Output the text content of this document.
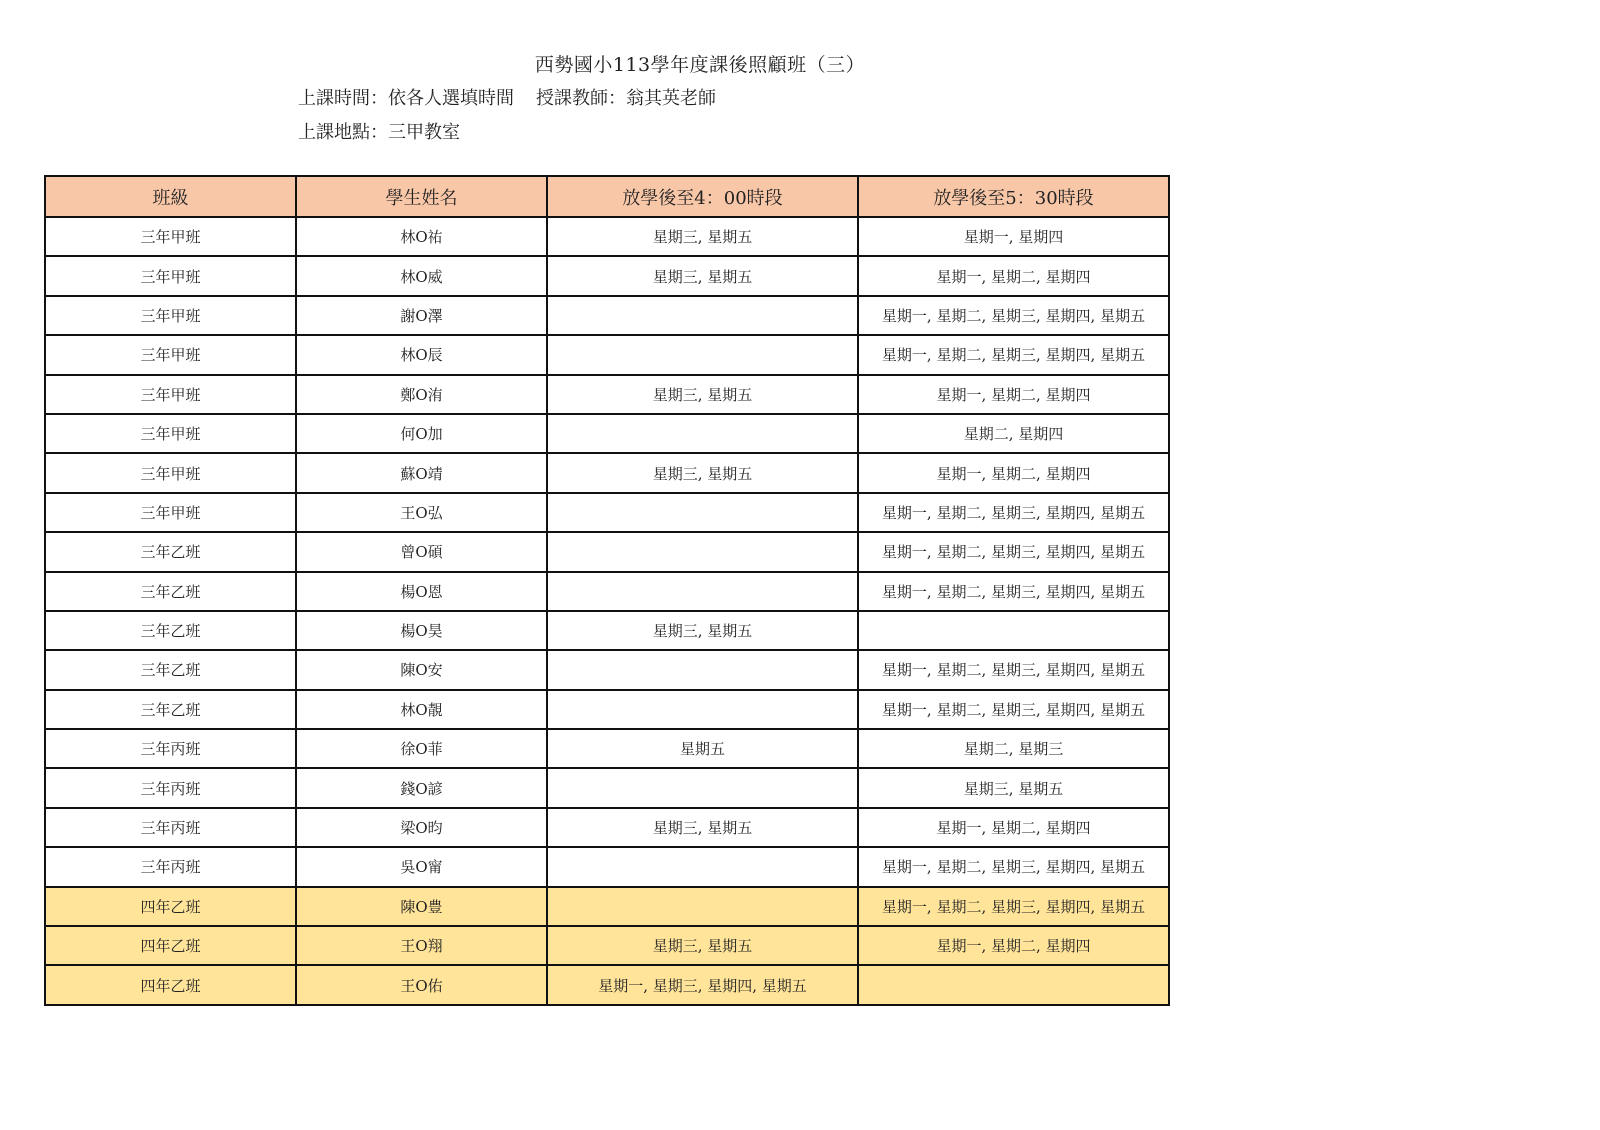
西勢國小113學年度課後照顧班（三）
上課時間：依各人選填時間 授課教師：翁其英老師
上課地點：三甲教室
班級	學生姓名	放學後至4：00時段	放學後至5：30時段
三年甲班	林O祐	星期三, 星期五	星期一, 星期四
三年甲班	林O威	星期三, 星期五	星期一, 星期二, 星期四
三年甲班	謝O澤		星期一, 星期二, 星期三, 星期四, 星期五
三年甲班	林O辰		星期一, 星期二, 星期三, 星期四, 星期五
三年甲班	鄭O洧	星期三, 星期五	星期一, 星期二, 星期四
三年甲班	何O加		星期二, 星期四
三年甲班	蘇O靖	星期三, 星期五	星期一, 星期二, 星期四
三年甲班	王O弘		星期一, 星期二, 星期三, 星期四, 星期五
三年乙班	曾O碩		星期一, 星期二, 星期三, 星期四, 星期五
三年乙班	楊O恩		星期一, 星期二, 星期三, 星期四, 星期五
三年乙班	楊O昊	星期三, 星期五	
三年乙班	陳O安		星期一, 星期二, 星期三, 星期四, 星期五
三年乙班	林O靚		星期一, 星期二, 星期三, 星期四, 星期五
三年丙班	徐O菲	星期五	星期二, 星期三
三年丙班	錢O諺		星期三, 星期五
三年丙班	梁O昀	星期三, 星期五	星期一, 星期二, 星期四
三年丙班	吳O甯		星期一, 星期二, 星期三, 星期四, 星期五
四年乙班	陳O豊		星期一, 星期二, 星期三, 星期四, 星期五
四年乙班	王O翔	星期三, 星期五	星期一, 星期二, 星期四
四年乙班	王O佑	星期一, 星期三, 星期四, 星期五	
